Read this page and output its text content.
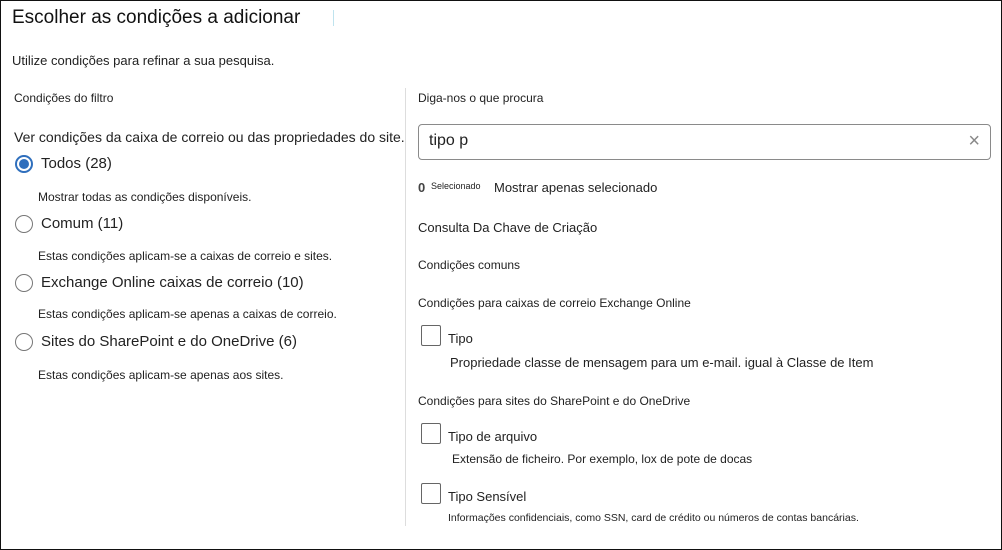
Escolher as condições a adicionar
Utilize condições para refinar a sua pesquisa.
Condições do filtro
Ver condições da caixa de correio ou das propriedades do site.
Todos (28)
Mostrar todas as condições disponíveis.
Comum (11)
Estas condições aplicam-se a caixas de correio e sites.
Exchange Online caixas de correio (10)
Estas condições aplicam-se apenas a caixas de correio.
Sites do SharePoint e do OneDrive (6)
Estas condições aplicam-se apenas aos sites.
Diga-nos o que procura
tipo p
×
0 Selecionado Mostrar apenas selecionado
Consulta Da Chave de Criação
Condições comuns
Condições para caixas de correio Exchange Online
Tipo
Propriedade classe de mensagem para um e-mail. igual à Classe de Item
Condições para sites do SharePoint e do OneDrive
Tipo de arquivo
Extensão de ficheiro. Por exemplo, lox de pote de docas
Tipo Sensível
Informações confidenciais, como SSN, card de crédito ou números de contas bancárias.
